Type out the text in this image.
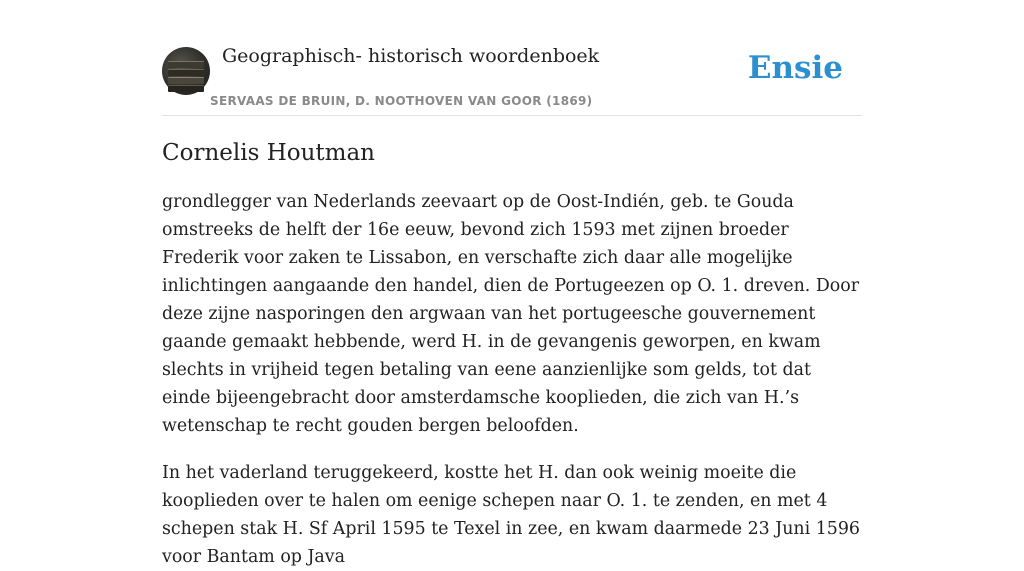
Geographisch- historisch woordenboek
SERVAAS DE BRUIN, D. NOOTHOVEN VAN GOOR (1869)
Ensie
Cornelis Houtman

grondlegger van Nederlands zeevaart op de Oost-Indién, geb. te Gouda omstreeks de helft der 16e eeuw, bevond zich 1593 met zijnen broeder Frederik voor zaken te Lissabon, en verschafte zich daar alle mogelijke inlichtingen aangaande den handel, dien de Portugeezen op O. 1. dreven. Door deze zijne nasporingen den argwaan van het portugeesche gouvernement gaande gemaakt hebbende, werd H. in de gevangenis geworpen, en kwam slechts in vrijheid tegen betaling van eene aanzienlijke som gelds, tot dat einde bijeengebracht door amsterdamsche kooplieden, die zich van H.’s wetenschap te recht gouden bergen beloofden.

In het vaderland teruggekeerd, kostte het H. dan ook weinig moeite die kooplieden over te halen om eenige schepen naar O. 1. te zenden, en met 4 schepen stak H. Sf April 1595 te Texel in zee, en kwam daarmede 23 Juni 1596 voor Bantam op Java
